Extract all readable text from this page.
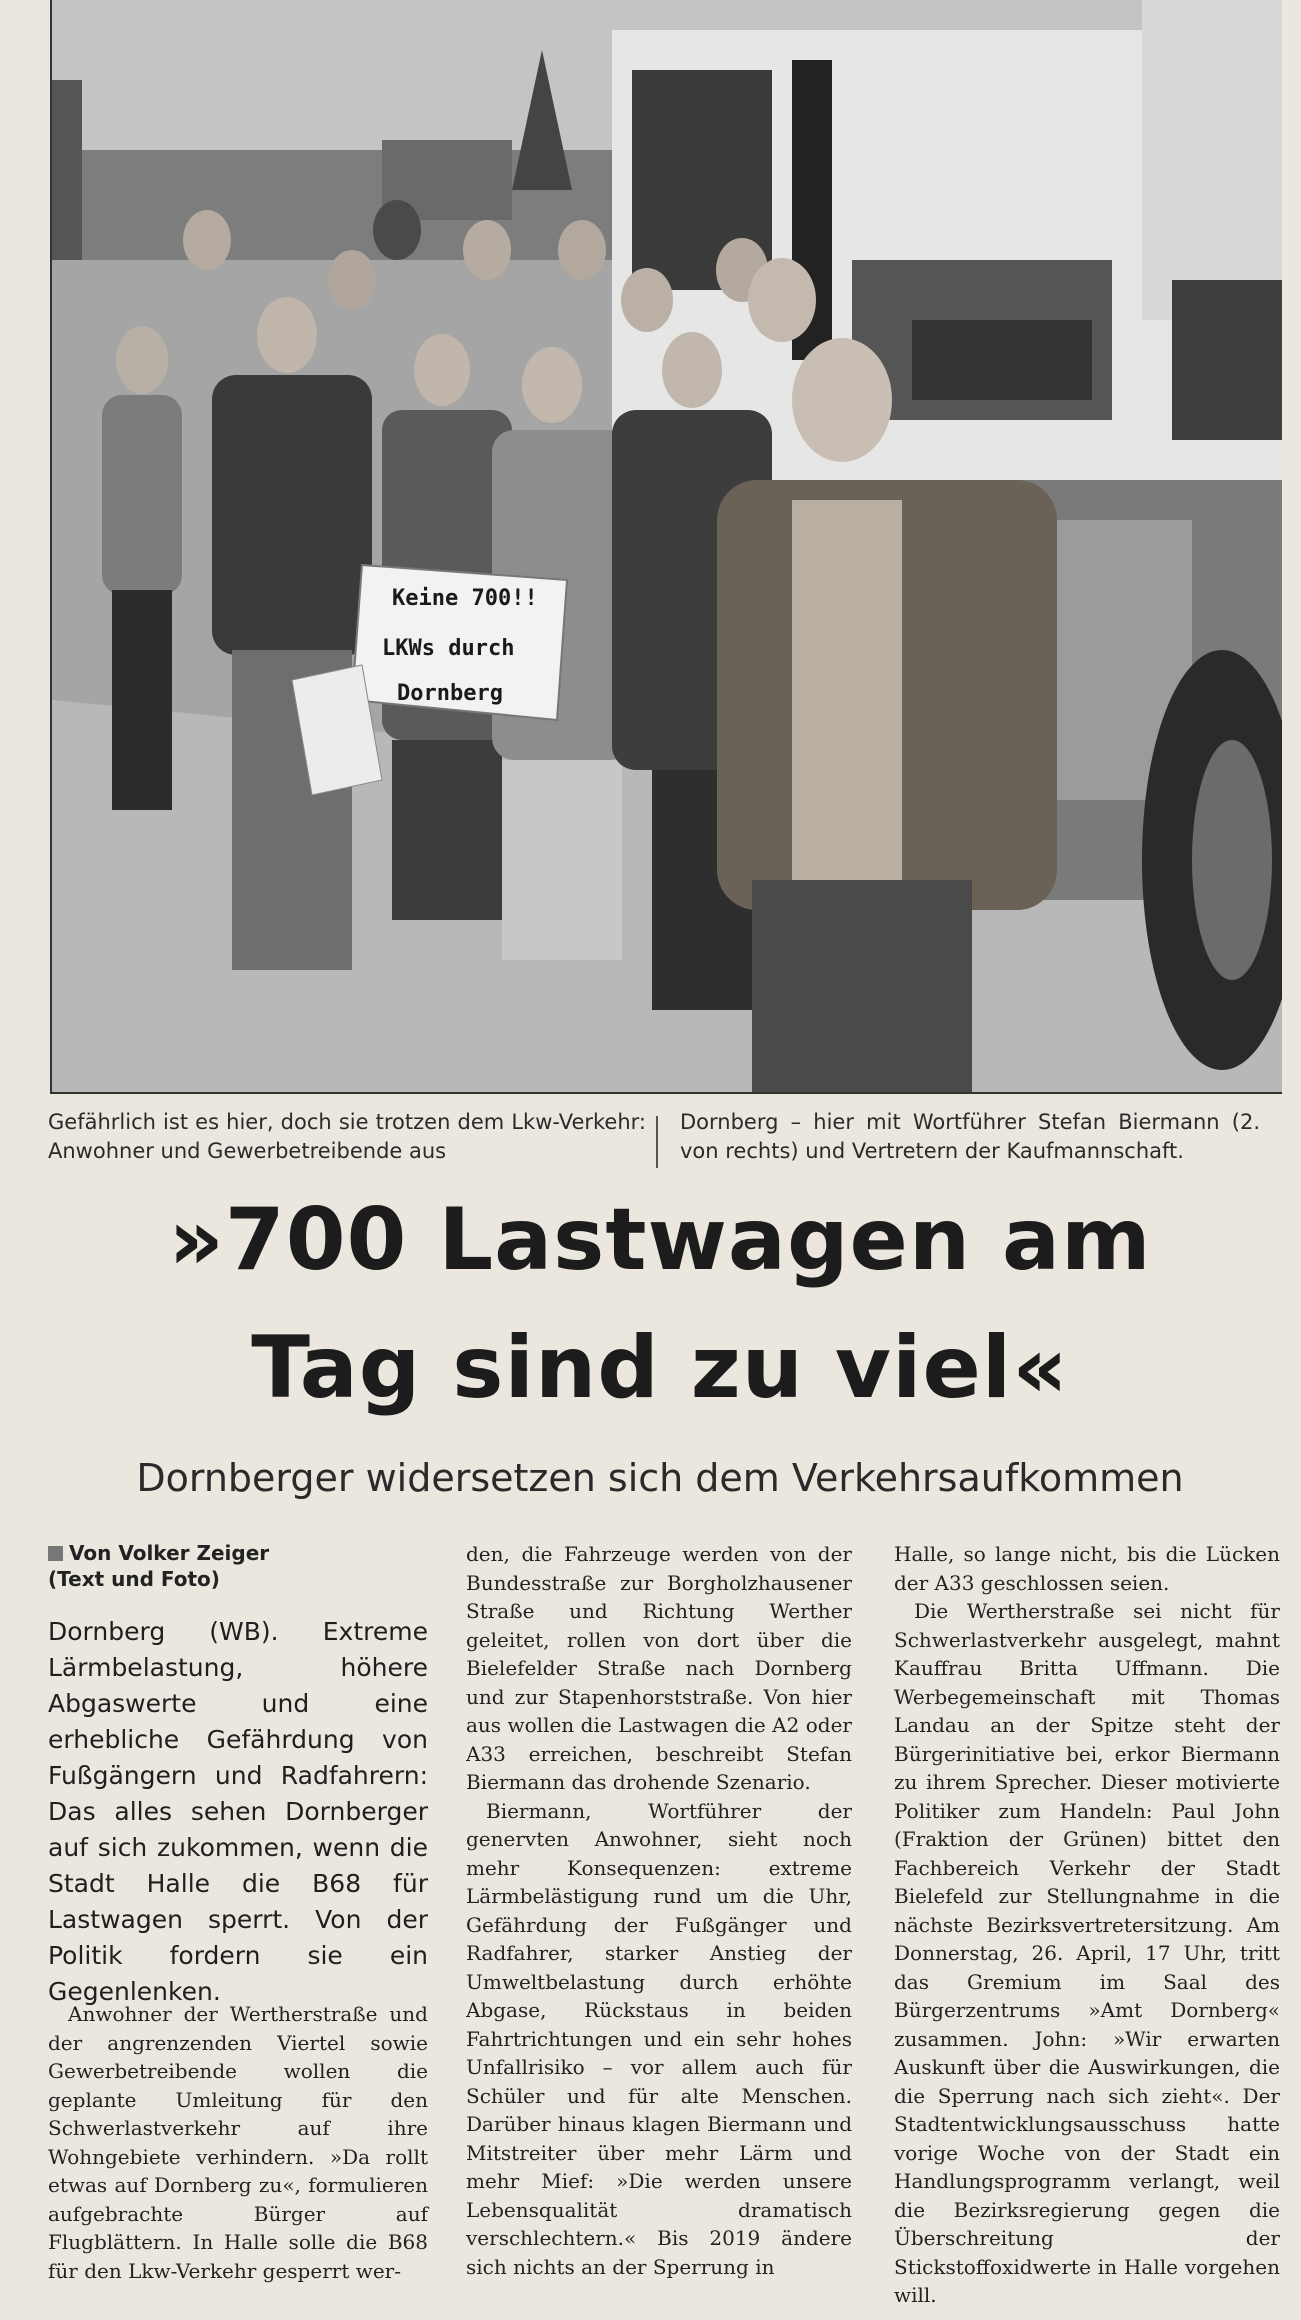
Keine 700!!
LKWs durch
Dornberg
Gefährlich ist es hier, doch sie trotzen dem Lkw-Verkehr: Anwohner und Gewerbetreibende aus
Dornberg – hier mit Wortführer Stefan Biermann (2. von rechts) und Vertretern der Kaufmannschaft.
»700 Lastwagen am
Tag sind zu viel«
Dornberger widersetzen sich dem Verkehrsaufkommen
Von Volker Zeiger
(Text und Foto)
Dornberg (WB). Extreme Lärmbelastung, höhere Abgaswerte und eine erhebliche Gefährdung von Fußgängern und Radfahrern: Das alles sehen Dornberger auf sich zukommen, wenn die Stadt Halle die B68 für Lastwagen sperrt. Von der Politik fordern sie ein Gegenlenken.
Anwohner der Wertherstraße und der angrenzenden Viertel sowie Gewerbetreibende wollen die geplante Umleitung für den Schwerlastverkehr auf ihre Wohngebiete verhindern. »Da rollt etwas auf Dornberg zu«, formulieren aufgebrachte Bürger auf Flugblättern. In Halle solle die B68 für den Lkw-Verkehr gesperrt wer-

den, die Fahrzeuge werden von der Bundesstraße zur Borgholzhausener Straße und Richtung Werther geleitet, rollen von dort über die Bielefelder Straße nach Dornberg und zur Stapenhorststraße. Von hier aus wollen die Lastwagen die A2 oder A33 erreichen, beschreibt Stefan Biermann das drohende Szenario.

Biermann, Wortführer der genervten Anwohner, sieht noch mehr Konsequenzen: extreme Lärmbelästigung rund um die Uhr, Gefährdung der Fußgänger und Radfahrer, starker Anstieg der Umweltbelastung durch erhöhte Abgase, Rückstaus in beiden Fahrtrichtungen und ein sehr hohes Unfallrisiko – vor allem auch für Schüler und für alte Menschen. Darüber hinaus klagen Biermann und Mitstreiter über mehr Lärm und mehr Mief: »Die werden unsere Lebensqualität dramatisch verschlechtern.« Bis 2019 ändere sich nichts an der Sperrung in

Halle, so lange nicht, bis die Lücken der A33 geschlossen seien.

Die Wertherstraße sei nicht für Schwerlastverkehr ausgelegt, mahnt Kauffrau Britta Uffmann. Die Werbegemeinschaft mit Thomas Landau an der Spitze steht der Bürgerinitiative bei, erkor Biermann zu ihrem Sprecher. Dieser motivierte Politiker zum Handeln: Paul John (Fraktion der Grünen) bittet den Fachbereich Verkehr der Stadt Bielefeld zur Stellungnahme in die nächste Bezirksvertretersitzung. Am Donnerstag, 26. April, 17 Uhr, tritt das Gremium im Saal des Bürgerzentrums »Amt Dornberg« zusammen. John: »Wir erwarten Auskunft über die Auswirkungen, die die Sperrung nach sich zieht«. Der Stadtentwicklungsausschuss hatte vorige Woche von der Stadt ein Handlungsprogramm verlangt, weil die Bezirksregierung gegen die Überschreitung der Stickstoffoxidwerte in Halle vorgehen will.
